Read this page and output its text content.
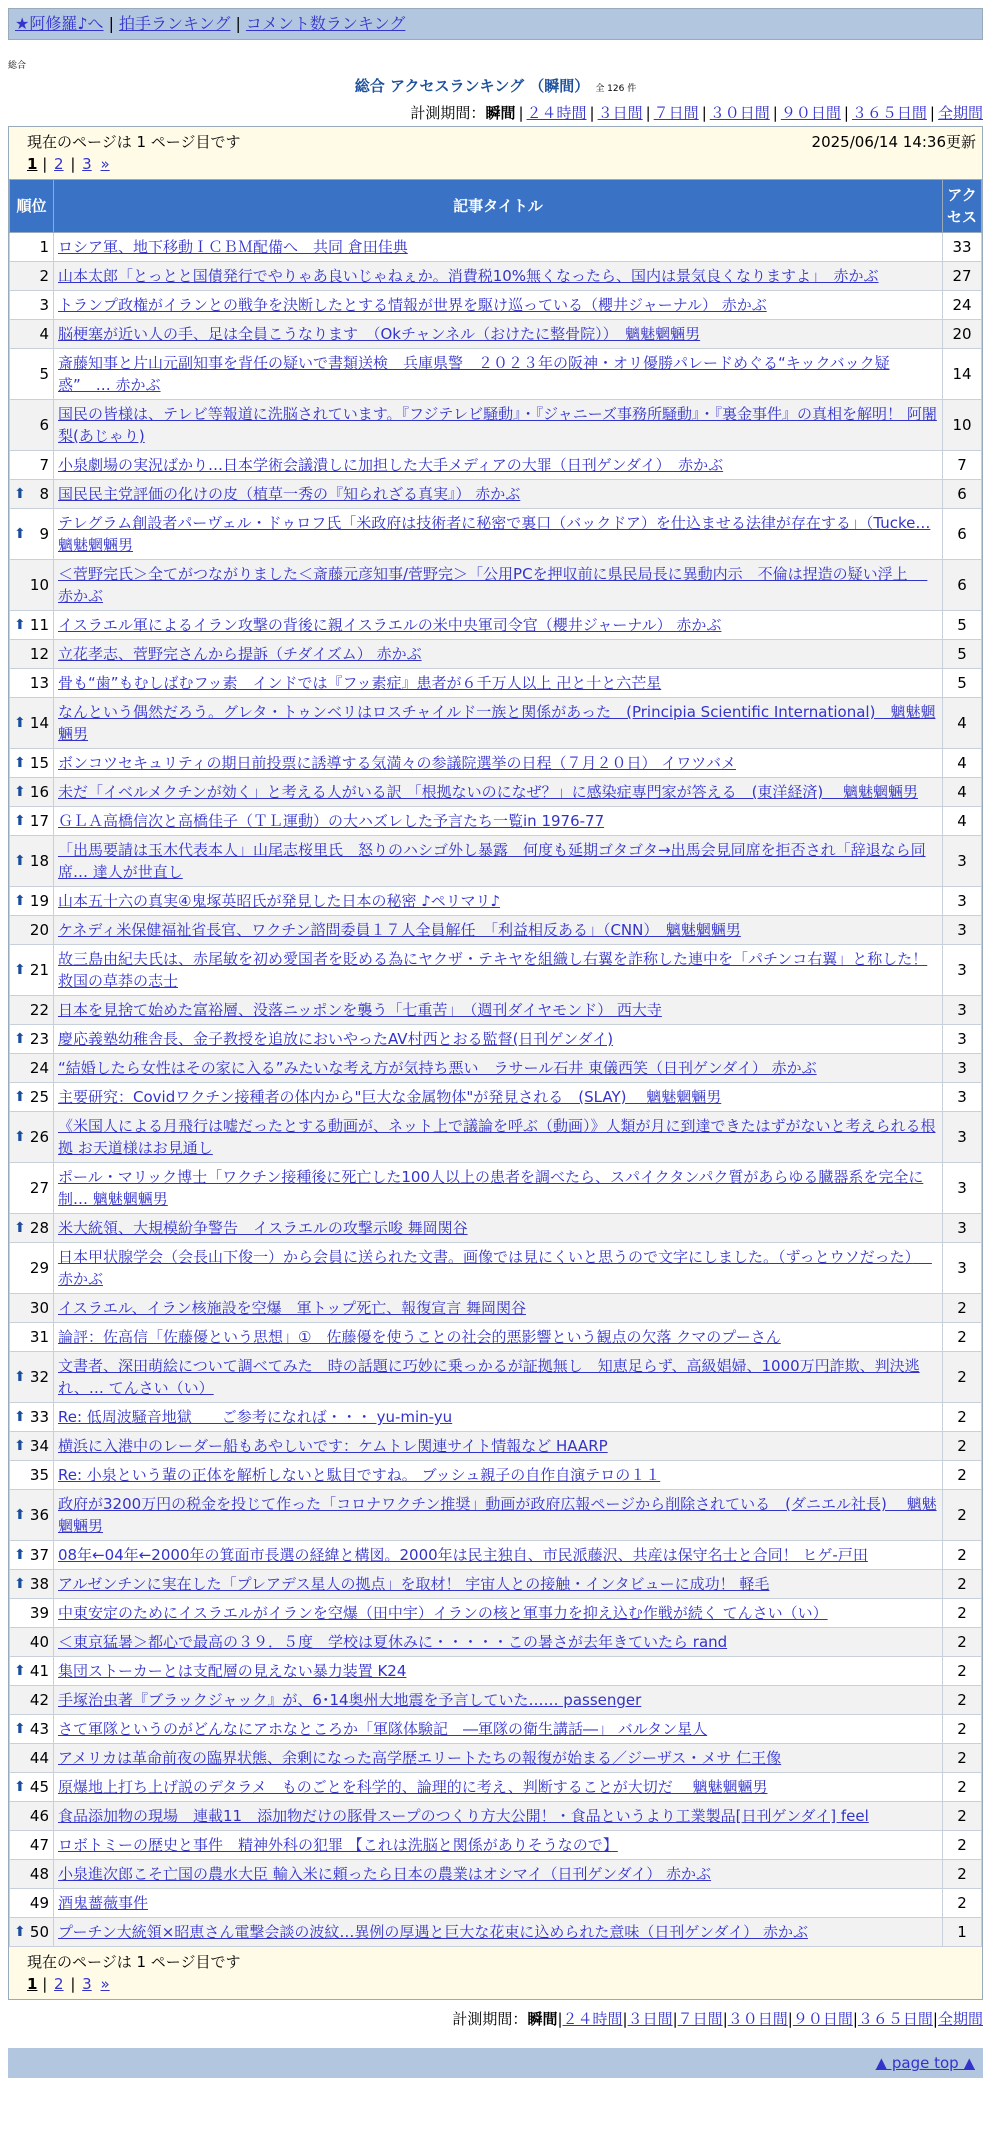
★阿修羅♪へ | 拍手ランキング | コメント数ランキング
総合
総合 アクセスランキング （瞬間） 全 126 件
計測期間：瞬間 | ２４時間 | ３日間 | ７日間 | ３０日間 | ９０日間 | ３６５日間 | 全期間
現在のページは 1 ページ目です	2025/06/14 14:36更新
1 | 2 | 3 »
順位	記事タイトル	アクセス
1	ロシア軍、地下移動ＩＣＢＭ配備へ　共同 倉田佳典	33
2	山本太郎「とっとと国債発行でやりゃあ良いじゃねぇか。消費税10%無くなったら、国内は景気良くなりますよ」　赤かぶ	27
3	トランプ政権がイランとの戦争を決断したとする情報が世界を駆け巡っている（櫻井ジャーナル） 赤かぶ	24
4	脳梗塞が近い人の手、足は全員こうなります　（Okチャンネル（おけたに整骨院））　魑魅魍魎男	20
5	斎藤知事と片山元副知事を背任の疑いで書類送検　兵庫県警　２０２３年の阪神・オリ優勝パレードめぐる“キックバック疑惑”　… 赤かぶ	14
6	国民の皆様は、テレビ等報道に洗脳されています。『フジテレビ騒動』・『ジャニーズ事務所騒動』・『裏金事件』の真相を解明！ 阿闍梨(あじゃり)	10
7	小泉劇場の実況ばかり…日本学術会議潰しに加担した大手メディアの大罪（日刊ゲンダイ）　赤かぶ	7

⬆ 8	国民民主党評価の化けの皮（植草一秀の『知られざる真実』） 赤かぶ	6

⬆ 9	テレグラム創設者パーヴェル・ドゥロフ氏「米政府は技術者に秘密で裏口（バックドア）を仕込ませる法律が存在する」（Tucke… 魑魅魍魎男	6
10	＜菅野完氏＞全てがつながりました＜斎藤元彦知事/菅野完＞「公用PCを押収前に県民局長に異動内示　不倫は捏造の疑い浮上　 赤かぶ	6

⬆ 11	イスラエル軍によるイラン攻撃の背後に親イスラエルの米中央軍司令官（櫻井ジャーナル） 赤かぶ	5
12	立花孝志、菅野完さんから提訴（チダイズム） 赤かぶ	5
13	骨も“歯”もむしばむフッ素　インドでは『フッ素症』患者が６千万人以上 卍と十と六芒星	5

⬆ 14	なんという偶然だろう。グレタ・トゥンベリはロスチャイルド一族と関係があった　(Principia Scientific International)　魑魅魍魎男	4

⬆ 15	ボンコツセキュリティの期日前投票に誘導する気満々の参議院選挙の日程（７月２０日） イワツバメ	4

⬆ 16	未だ「イベルメクチンが効く」と考える人がいる訳 「根拠ないのになぜ？」に感染症専門家が答える　(東洋経済)　 魑魅魍魎男	4

⬆ 17	ＧＬＡ高橋信次と高橋佳子（ＴＬ運動）の大ハズレした予言たち一覧in 1976-77	4

⬆ 18	「出馬要請は玉木代表本人」山尾志桜里氏　怒りのハシゴ外し暴露　何度も延期ゴタゴタ→出馬会見同席を拒否され「辞退なら同席… 達人が世直し	3

⬆ 19	山本五十六の真実④鬼塚英昭氏が発見した日本の秘密 ♪ペリマリ♪	3
20	ケネディ米保健福祉省長官、ワクチン諮問委員１７人全員解任　「利益相反ある」（CNN）　魑魅魍魎男	3

⬆ 21	故三島由紀夫氏は、赤尾敏を初め愛国者を貶める為にヤクザ・テキヤを組織し右翼を詐称した連中を「パチンコ右翼」と称した！ 救国の草莽の志士	3
22	日本を見捨て始めた富裕層、没落ニッポンを襲う「七重苦」　（週刊ダイヤモンド） 西大寺	3

⬆ 23	慶応義塾幼稚舎長、金子教授を追放においやったAV村西とおる監督(日刊ゲンダイ)	3
24	“結婚したら女性はその家に入る”みたいな考え方が気持ち悪い　ラサール石井 東儀西笑（日刊ゲンダイ） 赤かぶ	3

⬆ 25	主要研究：Covidワクチン接種者の体内から"巨大な金属物体"が発見される　(SLAY)　 魑魅魍魎男	3

⬆ 26	《米国人による月飛行は嘘だったとする動画が、ネット上で議論を呼ぶ（動画）》人類が月に到達できたはずがないと考えられる根拠 お天道様はお見通し	3
27	ポール・マリック博士「ワクチン接種後に死亡した100人以上の患者を調べたら、スパイクタンパク質があらゆる臓器系を完全に制… 魑魅魍魎男	3

⬆ 28	米大統領、大規模紛争警告　イスラエルの攻撃示唆 舞岡関谷	3
29	日本甲状腺学会（会長山下俊一）から会員に送られた文書。画像では見にくいと思うので文字にしました。（ずっとウソだった）　 赤かぶ	3
30	イスラエル、イラン核施設を空爆　軍トップ死亡、報復宣言 舞岡関谷	2
31	論評：佐高信「佐藤優という思想」①　佐藤優を使うことの社会的悪影響という観点の欠落 クマのプーさん	2

⬆ 32	文書者、深田萌絵について調べてみた　時の話題に巧妙に乗っかるが証拠無し　知恵足らず、高級娼婦、1000万円詐欺、判決逃れ、… てんさい（い）	2

⬆ 33	Re: 低周波騒音地獄　　ご参考になれば・・・ yu-min-yu	2

⬆ 34	横浜に入港中のレーダー船もあやしいです：ケムトレ関連サイト情報など HAARP	2
35	Re: 小泉という輩の正体を解析しないと駄目ですね。 ブッシュ親子の自作自演テロの１１	2

⬆ 36	政府が3200万円の税金を投じて作った「コロナワクチン推奨」動画が政府広報ページから削除されている　(ダニエル社長)　 魑魅魍魎男	2

⬆ 37	08年←04年←2000年の箕面市長選の経緯と構図。2000年は民主独自、市民派藤沢、共産は保守名士と合同！ ヒゲ-戸田	2

⬆ 38	アルゼンチンに実在した「プレアデス星人の拠点」を取材！ 宇宙人との接触・インタビューに成功！ 軽毛	2
39	中東安定のためにイスラエルがイランを空爆（田中宇）イランの核と軍事力を抑え込む作戦が続く てんさい（い）	2
40	＜東京猛暑＞都心で最高の３９．５度　学校は夏休みに・・・・・この暑さが去年きていたら rand	2

⬆ 41	集団ストーカーとは支配層の見えない暴力装置 K24	2
42	手塚治虫著『ブラックジャック』が、6･14奥州大地震を予言していた…… passenger	2

⬆ 43	さて軍隊というのがどんなにアホなところか「軍隊体験記　―軍隊の衛生講話―」 バルタン星人	2
44	アメリカは革命前夜の臨界状態、余剰になった高学歴エリートたちの報復が始まる／ジーザス・メサ 仁王像	2

⬆ 45	原爆地上打ち上げ説のデタラメ　ものごとを科学的、論理的に考え、判断することが大切だ　 魑魅魍魎男	2
46	食品添加物の現場　連載11　添加物だけの豚骨スープのつくり方大公開！・食品というより工業製品[日刊ゲンダイ] feel	2
47	ロボトミーの歴史と事件　精神外科の犯罪 【これは洗脳と関係がありそうなので】	2
48	小泉進次郎こそ亡国の農水大臣 輸入米に頼ったら日本の農業はオシマイ（日刊ゲンダイ） 赤かぶ	2
49	酒鬼薔薇事件	2

⬆ 50	プーチン大統領×昭恵さん電撃会談の波紋…異例の厚遇と巨大な花束に込められた意味（日刊ゲンダイ） 赤かぶ	1
現在のページは 1 ページ目です
1 | 2 | 3 »
計測期間：瞬間|２４時間|３日間|７日間|３０日間|９０日間|３６５日間|全期間
▲ page top ▲
